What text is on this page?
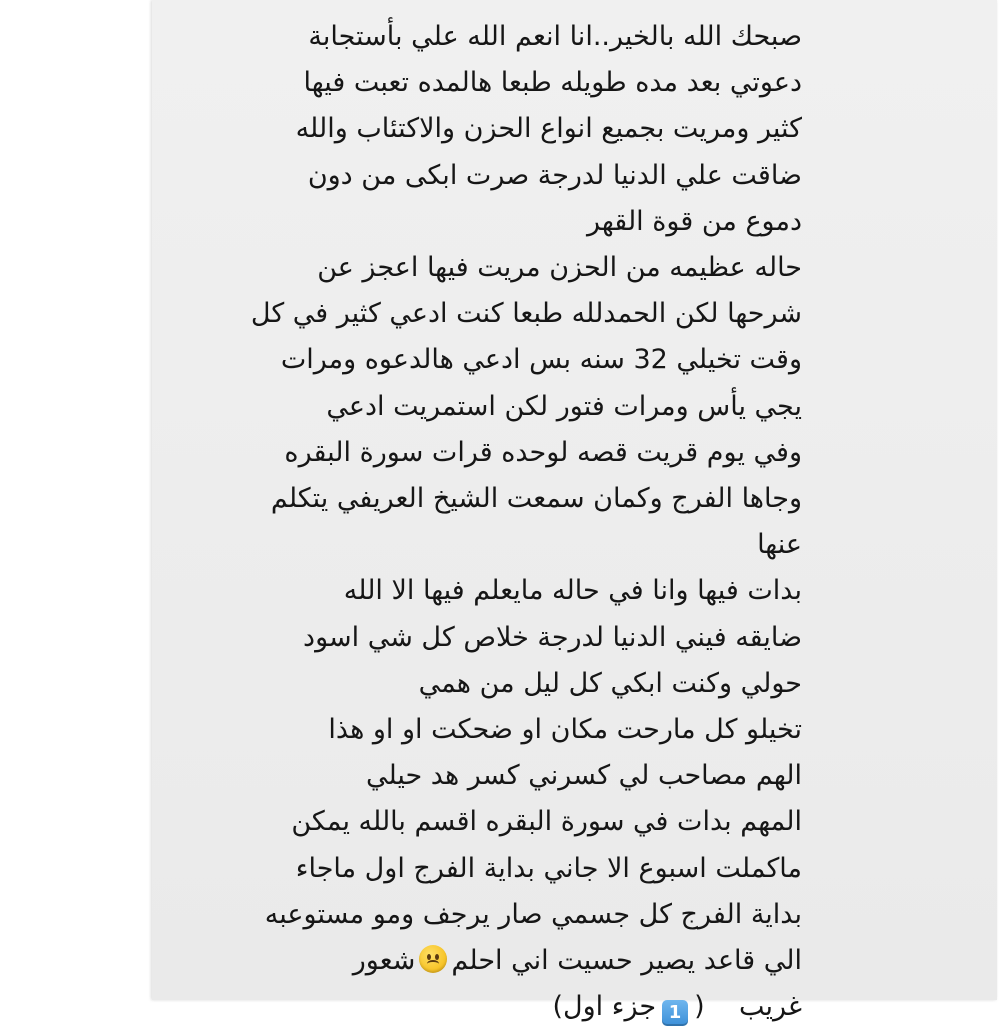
صبحك الله بالخير..انا انعم الله علي بأستجابة
دعوتي بعد مده طويله طبعا هالمده تعبت فيها
كثير ومريت بجميع انواع الحزن والاكتئاب والله
ضاقت علي الدنيا لدرجة صرت ابكى من دون
دموع من قوة القهر
حاله عظيمه من الحزن مريت فيها اعجز عن
شرحها لكن الحمدلله طبعا كنت ادعي كثير في كل
وقت تخيلي 32 سنه بس ادعي هالدعوه ومرات
يجي يأس ومرات فتور لكن استمريت ادعي
وفي يوم قريت قصه لوحده قرات سورة البقره
وجاها الفرج وكمان سمعت الشيخ العريفي يتكلم
عنها
بدات فيها وانا في حاله مايعلم فيها الا الله
ضايقه فيني الدنيا لدرجة خلاص كل شي اسود
حولي وكنت ابكي كل ليل من همي
تخيلو كل مارحت مكان او ضحكت او او هذا
الهم مصاحب لي كسرني كسر هد حيلي
المهم بدات في سورة البقره اقسم بالله يمكن
ماكملت اسبوع الا جاني بداية الفرج اول ماجاء
بداية الفرج كل جسمي صار يرجف ومو مستوعبه
الي قاعد يصير حسيت اني احلم
شعور
غريب    (1جزء اول)
